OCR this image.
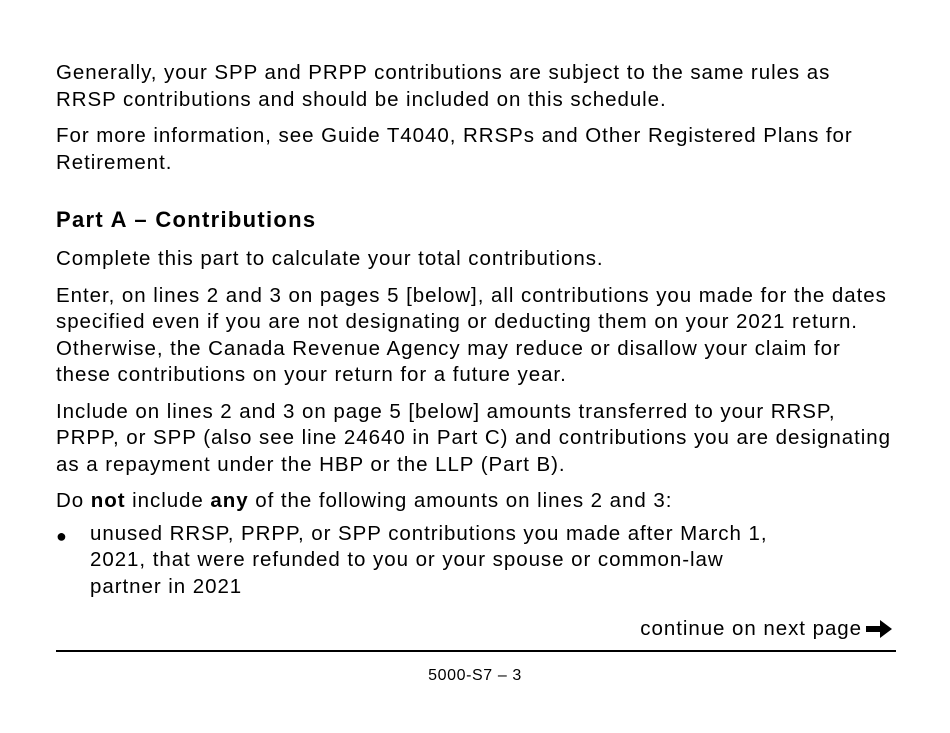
Generally, your SPP and PRPP contributions are subject to the same rules as RRSP contributions and should be included on this schedule.

For more information, see Guide T4040, RRSPs and Other Registered Plans for Retirement.

Part A – Contributions

Complete this part to calculate your total contributions.

Enter, on lines 2 and 3 on pages 5 [below], all contributions you made for the dates specified even if you are not designating or deducting them on your 2021 return. Otherwise, the Canada Revenue Agency may reduce or disallow your claim for these contributions on your return for a future year.

Include on lines 2 and 3 on page 5 [below] amounts transferred to your RRSP, PRPP, or SPP (also see line 24640 in Part C) and contributions you are designating as a repayment under the HBP or the LLP (Part B).

Do not include any of the following amounts on lines 2 and 3:

●	unused RRSP, PRPP, or SPP contributions you made after March 1, 2021, that were refunded to you or your spouse or common-law partner in 2021

continue on next page
5000-S7 – 3
